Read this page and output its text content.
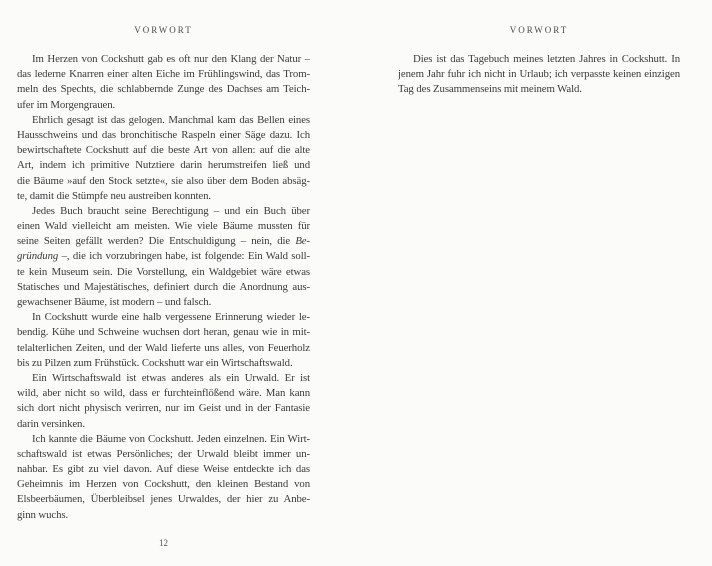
VORWORT
Im Herzen von Cockshutt gab es oft nur den Klang der Natur –
das lederne Knarren einer alten Eiche im Frühlingswind, das Trom-
meln des Spechts, die schlabbernde Zunge des Dachses am Teich-
ufer im Morgengrauen.
Ehrlich gesagt ist das gelogen. Manchmal kam das Bellen eines
Hausschweins und das bronchitische Raspeln einer Säge dazu. Ich
bewirtschaftete Cockshutt auf die beste Art von allen: auf die alte
Art, indem ich primitive Nutztiere darin herumstreifen ließ und
die Bäume »auf den Stock setzte«, sie also über dem Boden absäg-
te, damit die Stümpfe neu austreiben konnten.
Jedes Buch braucht seine Berechtigung – und ein Buch über
einen Wald vielleicht am meisten. Wie viele Bäume mussten für
seine Seiten gefällt werden? Die Entschuldigung – nein, die Be-
gründung –, die ich vorzubringen habe, ist folgende: Ein Wald soll-
te kein Museum sein. Die Vorstellung, ein Waldgebiet wäre etwas
Statisches und Majestätisches, definiert durch die Anordnung aus-
gewachsener Bäume, ist modern – und falsch.
In Cockshutt wurde eine halb vergessene Erinnerung wieder le-
bendig. Kühe und Schweine wuchsen dort heran, genau wie in mit-
telalterlichen Zeiten, und der Wald lieferte uns alles, von Feuerholz
bis zu Pilzen zum Frühstück. Cockshutt war ein Wirtschaftswald.
Ein Wirtschaftswald ist etwas anderes als ein Urwald. Er ist
wild, aber nicht so wild, dass er furchteinflößend wäre. Man kann
sich dort nicht physisch verirren, nur im Geist und in der Fantasie
darin versinken.
Ich kannte die Bäume von Cockshutt. Jeden einzelnen. Ein Wirt-
schaftswald ist etwas Persönliches; der Urwald bleibt immer un-
nahbar. Es gibt zu viel davon. Auf diese Weise entdeckte ich das
Geheimnis im Herzen von Cockshutt, den kleinen Bestand von
Elsbeerbäumen, Überbleibsel jenes Urwaldes, der hier zu Anbe-
ginn wuchs.
12
VORWORT
Dies ist das Tagebuch meines letzten Jahres in Cockshutt. In
jenem Jahr fuhr ich nicht in Urlaub; ich verpasste keinen einzigen
Tag des Zusammenseins mit meinem Wald.
